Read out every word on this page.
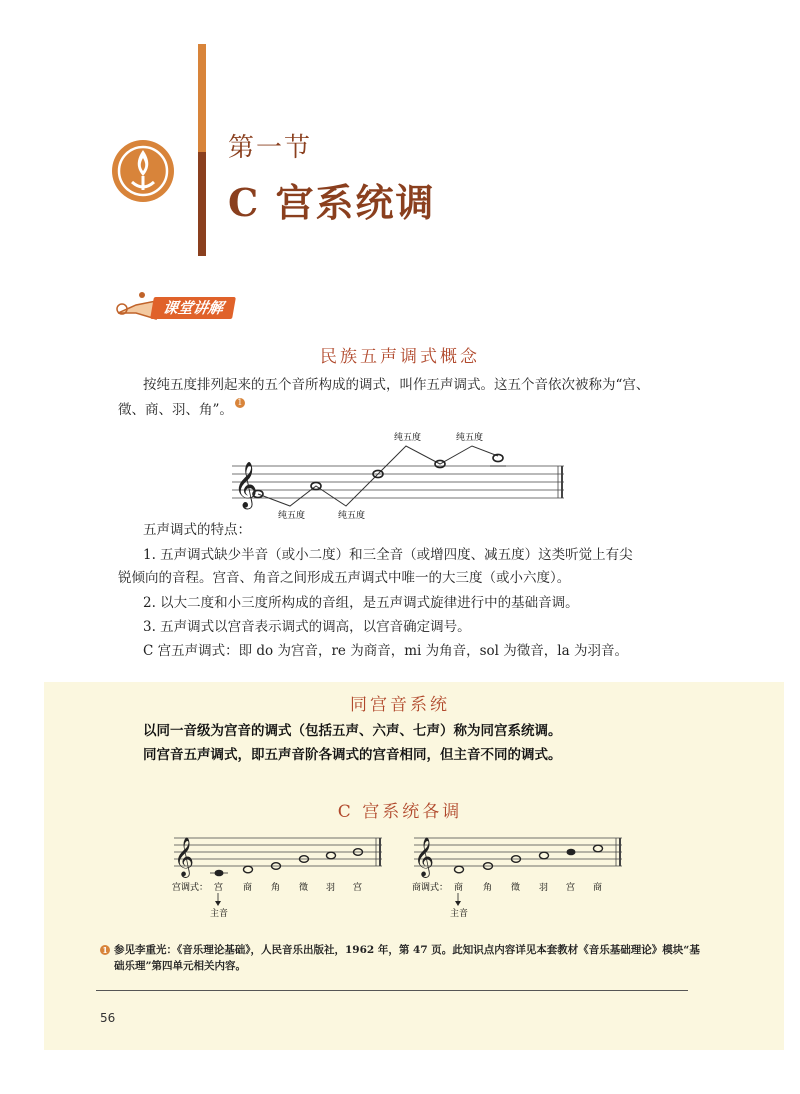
第一节
C 宫系统调
课堂讲解
民族五声调式概念
按纯五度排列起来的五个音所构成的调式，叫作五声调式。这五个音依次被称为“宫、
徵、商、羽、角”。 $^1$
𝄞
纯五度	纯五度
纯五度	纯五度
五声调式的特点：
1. 五声调式缺少半音（或小二度）和三全音（或增四度、减五度）这类听觉上有尖
锐倾向的音程。宫音、角音之间形成五声调式中唯一的大三度（或小六度）。
2. 以大二度和小三度所构成的音组，是五声调式旋律进行中的基础音调。
3. 五声调式以宫音表示调式的调高，以宫音确定调号。
C 宫五声调式：即 do 为宫音，re 为商音，mi 为角音，sol 为徵音，la 为羽音。
同宫音系统
以同一音级为宫音的调式（包括五声、六声、七声）称为同宫系统调。
同宫音五声调式，即五声音阶各调式的宫音相同，但主音不同的调式。
C 宫系统各调
𝄞
宫调式： 宫 商 角 徵 羽 宫
主音
𝄞
商调式： 商 角 徵 羽 宫 商
主音
1 参见李重光：《音乐理论基础》，人民音乐出版社，1962 年，第 47 页。此知识点内容详见本套教材《音乐基础理论》模块“基
础乐理”第四单元相关内容。
56
